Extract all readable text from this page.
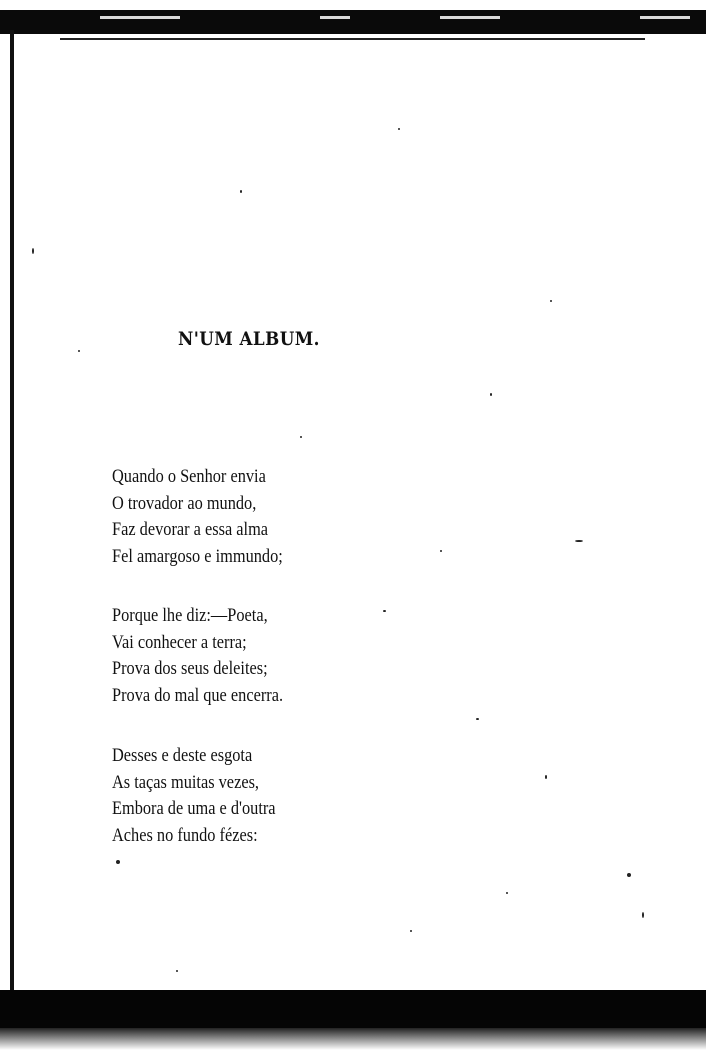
N'UM ALBUM.
Quando o Senhor envia
O trovador ao mundo,
Faz devorar a essa alma
Fel amargoso e immundo;
Porque lhe diz:—Poeta,
Vai conhecer a terra;
Prova dos seus deleites;
Prova do mal que encerra.
Desses e deste esgota
As taças muitas vezes,
Embora de uma e d'outra
Aches no fundo fézes:
